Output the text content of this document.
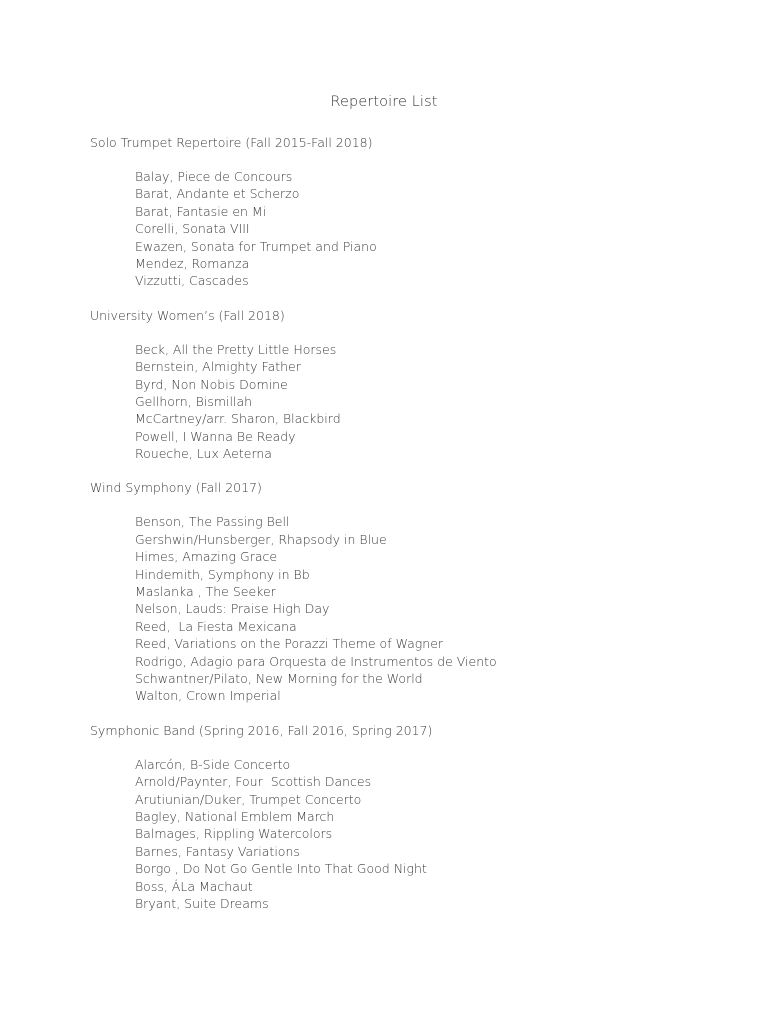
Repertoire List
Solo Trumpet Repertoire (Fall 2015-Fall 2018)
Balay, Piece de Concours
Barat, Andante et Scherzo
Barat, Fantasie en Mi
Corelli, Sonata VIII
Ewazen, Sonata for Trumpet and Piano
Mendez, Romanza
Vizzutti, Cascades
University Women’s (Fall 2018)
Beck, All the Pretty Little Horses
Bernstein, Almighty Father
Byrd, Non Nobis Domine
Gellhorn, Bismillah
McCartney/arr. Sharon, Blackbird
Powell, I Wanna Be Ready
Roueche, Lux Aeterna
Wind Symphony (Fall 2017)
Benson, The Passing Bell
Gershwin/Hunsberger, Rhapsody in Blue
Himes, Amazing Grace
Hindemith, Symphony in Bb
Maslanka , The Seeker
Nelson, Lauds: Praise High Day
Reed,  La Fiesta Mexicana
Reed, Variations on the Porazzi Theme of Wagner
Rodrigo, Adagio para Orquesta de Instrumentos de Viento
Schwantner/Pilato, New Morning for the World
Walton, Crown Imperial
Symphonic Band (Spring 2016, Fall 2016, Spring 2017)
Alarcón, B-Side Concerto
Arnold/Paynter, Four  Scottish Dances
Arutiunian/Duker, Trumpet Concerto
Bagley, National Emblem March
Balmages, Rippling Watercolors
Barnes, Fantasy Variations
Borgo , Do Not Go Gentle Into That Good Night
Boss, ÁLa Machaut
Bryant, Suite Dreams
